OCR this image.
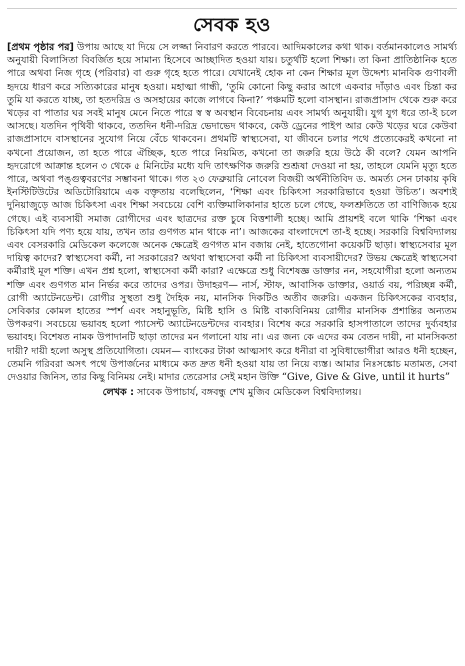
সেবক হও
[প্রথম পৃষ্ঠার পর] উপায় আছে যা দিয়ে সে লজ্জা নিবারণ করতে পারবে। আদিমকালের কথা থাক। বর্তমানকালেও সামর্থ্য অনুযায়ী বিলাসিতা বিবর্জিত হয়ে সামান্য হিসেবে আচ্ছাদিত হওয়া যায়। চতুর্থটি হলো শিক্ষা। তা কিনা প্রাতিষ্ঠানিক হতে পারে অথবা নিজ গৃহে (পরিবার) বা গুরু গৃহে হতে পারে। যেখানেই হোক না কেন শিক্ষার মূল উদ্দেশ্য মানবিক গুণাবলী হৃদয়ে ধারণ করে সত্যিকারের মানুষ হওয়া। মহাত্মা গান্ধী, ‘তুমি কোনো কিছু করার আগে একবার দাঁড়াও এবং চিন্তা কর তুমি যা করতে যাচ্ছ, তা হতদরিদ্র ও অসহায়ের কাজে লাগবে কিনা?’ পঞ্চমটি হলো বাসস্থান। রাজপ্রাসাদ থেকে শুরু করে খড়ের বা পাতার ঘর সবই মানুষ মেনে নিতে পারে স্ব স্ব অবস্থান বিবেচনায় এবং সামর্থ্য অনুযায়ী। যুগ যুগ ধরে তা-ই চলে আসছে। যতদিন পৃথিবী থাকবে, ততদিন ধনী-দরিদ্র ভেদাভেদ থাকবে, কেউ ড্রেনের পাইপ আর কেউ খড়ের ঘরে কেউবা রাজপ্রাসাদে বাসস্থানের সুযোগ নিয়ে বেঁচে থাকবেন। প্রথমটি স্বাস্থ্যসেবা, যা জীবনে চলার পথে প্রত্যেকেরই কখনো না কখনো প্রয়োজন, তা হতে পারে ঐচ্ছিক, হতে পারে নিয়মিত, কখনো তা জরুরি হয়ে উঠে কী বলে? যেমন আপনি হৃদরোগে আক্রান্ত হলেন ৩ থেকে ৫ মিনিটের মধ্যে যদি তাৎক্ষণিক জরুরি শুশ্রূষা দেওয়া না হয়, তাহলে যেমনি মৃত্যু হতে পারে, অথবা পঙ্গুত্ববরণের সম্ভাবনা থাকে। গত ২৩ ফেব্রুয়ারি নোবেল বিজয়ী অর্থনীতিবিদ ড. অমর্ত্য সেন ঢাকায় কৃষি ইনস্টিটিউটের অডিটোরিয়ামে এক বক্তৃতায় বলেছিলেন, ‘শিক্ষা এবং চিকিৎসা সরকারিভাবে হওয়া উচিত’। অবশ্যই দুনিয়াজুড়ে আজ চিকিৎসা এবং শিক্ষা সবচেয়ে বেশি ব্যক্তিমালিকানার হাতে চলে গেছে, ফলশ্রুতিতে তা বাণিজ্যিক হয়ে গেছে। এই ব্যবসায়ী সমাজ রোগীদের এবং ছাত্রদের রক্ত চুষে বিত্তশালী হচ্ছে। আমি প্রায়শই বলে থাকি ‘শিক্ষা এবং চিকিৎসা যদি পণ্য হয়ে যায়, তখন তার গুণগত মান থাকে না’। আজকের বাংলাদেশে তা-ই হচ্ছে। সরকারি বিশ্ববিদ্যালয় এবং বেসরকারি মেডিকেল কলেজে অনেক ক্ষেত্রেই গুণগত মান বজায় নেই, হাতেগোনা কয়েকটি ছাড়া। স্বাস্থ্যসেবার মূল দায়িত্ব কাদের? স্বাস্থ্যসেবা কর্মী, না সরকারের? অথবা স্বাস্থ্যসেবা কর্মী না চিকিৎসা ব্যবসায়ীদের? উভয় ক্ষেত্রেই স্বাস্থ্যসেবা কর্মীরাই মূল শক্তি। এখন প্রশ্ন হলো, স্বাস্থ্যসেবা কর্মী কারা? এক্ষেত্রে শুধু বিশেষজ্ঞ ডাক্তার নন, সহযোগীরা হলো অন্যতম শক্তি এবং গুণগত মান নির্ভর করে তাদের ওপর। উদাহরণ— নার্স, স্টাফ, আবাসিক ডাক্তার, ওয়ার্ড বয়, পরিচ্ছন্ন কর্মী, রোগী অ্যাটেনডেন্ট। রোগীর সুস্থতা শুধু দৈহিক নয়, মানসিক দিকটিও অতীব জরুরি। একজন চিকিৎসকের ব্যবহার, সেবিকার কোমল হাতের স্পর্শ এবং সহানুভূতি, মিষ্টি হাসি ও মিষ্টি বাক্যবিনিময় রোগীর মানসিক প্রশান্তির অন্যতম উপকরণ। সবচেয়ে ভয়াবহ হলো প্যাসেন্ট অ্যাটেনডেন্টদের ব্যবহার। বিশেষ করে সরকারি হাসপাতালে তাদের দুর্ব্যবহার ভয়াবহ। বিশেষত নামক উপাদানটি ছাড়া তাদের মন গলানো যায় না। এর জন্য কে এদের কম বেতন দায়ী, না মানসিকতা দায়ী? দায়ী হলো অসুস্থ প্রতিযোগিতা। যেমন— ব্যাংকের টাকা আত্মসাৎ করে ধনীরা বা সুবিধাভোগীরা আরও ধনী হচ্ছেন, তেমনি গরিবরা অসৎ পথে উপার্জনের মাধ্যমে কত দ্রুত ধনী হওয়া যায় তা নিয়ে ব্যস্ত। আমার নিঃসঙ্কোচ মতামত, সেবা দেওয়ার জিনিস, তার কিছু বিনিময় নেই। মাদার তেরেসার সেই মহান উক্তি “Give, Give & Give, until it hurts”
লেখক : সাবেক উপাচার্য, বঙ্গবন্ধু শেখ মুজিব মেডিকেল বিশ্ববিদ্যালয়।
